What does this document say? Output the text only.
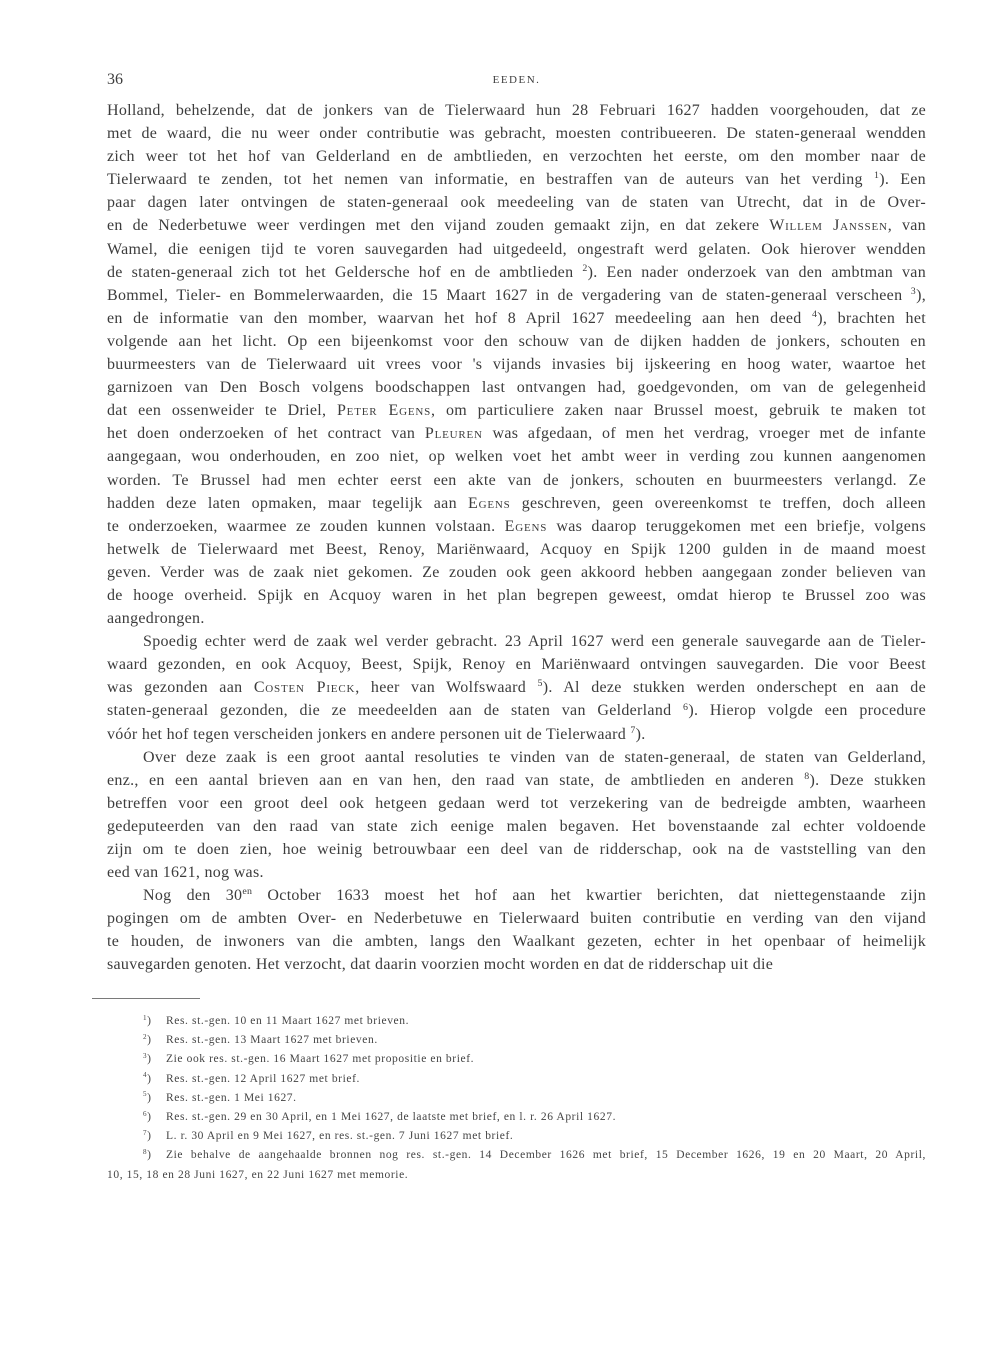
36	EEDEN.
Holland, behelzende, dat de jonkers van de Tielerwaard hun 28 Februari 1627 hadden voorgehouden, dat ze
met de waard, die nu weer onder contributie was gebracht, moesten contribueeren. De staten-generaal wendden
zich weer tot het hof van Gelderland en de ambtlieden, en verzochten het eerste, om den momber naar de
Tielerwaard te zenden, tot het nemen van informatie, en bestraffen van de auteurs van het verding $^1$). Een
paar dagen later ontvingen de staten-generaal ook meedeeling van de staten van Utrecht, dat in de Over-
en de Nederbetuwe weer verdingen met den vijand zouden gemaakt zijn, en dat zekere Willem Janssen, van
Wamel, die eenigen tijd te voren sauvegarden had uitgedeeld, ongestraft werd gelaten. Ook hierover wendden
de staten-generaal zich tot het Geldersche hof en de ambtlieden $^2$). Een nader onderzoek van den ambtman van
Bommel, Tieler- en Bommelerwaarden, die 15 Maart 1627 in de vergadering van de staten-generaal verscheen $^3$),
en de informatie van den momber, waarvan het hof 8 April 1627 meedeeling aan hen deed $^4$), brachten het
volgende aan het licht. Op een bijeenkomst voor den schouw van de dijken hadden de jonkers, schouten en
buurmeesters van de Tielerwaard uit vrees voor 's vijands invasies bij ijskeering en hoog water, waartoe het
garnizoen van Den Bosch volgens boodschappen last ontvangen had, goedgevonden, om van de gelegenheid
dat een ossenweider te Driel, Peter Egens, om particuliere zaken naar Brussel moest, gebruik te maken tot
het doen onderzoeken of het contract van Pleuren was afgedaan, of men het verdrag, vroeger met de infante
aangegaan, wou onderhouden, en zoo niet, op welken voet het ambt weer in verding zou kunnen aangenomen
worden. Te Brussel had men echter eerst een akte van de jonkers, schouten en buurmeesters verlangd. Ze
hadden deze laten opmaken, maar tegelijk aan Egens geschreven, geen overeenkomst te treffen, doch alleen
te onderzoeken, waarmee ze zouden kunnen volstaan. Egens was daarop teruggekomen met een briefje, volgens
hetwelk de Tielerwaard met Beest, Renoy, Mariënwaard, Acquoy en Spijk 1200 gulden in de maand moest
geven. Verder was de zaak niet gekomen. Ze zouden ook geen akkoord hebben aangegaan zonder believen van
de hooge overheid. Spijk en Acquoy waren in het plan begrepen geweest, omdat hierop te Brussel zoo was
aangedrongen.
Spoedig echter werd de zaak wel verder gebracht. 23 April 1627 werd een generale sauvegarde aan de Tieler-
waard gezonden, en ook Acquoy, Beest, Spijk, Renoy en Mariënwaard ontvingen sauvegarden. Die voor Beest
was gezonden aan Costen Pieck, heer van Wolfswaard $^5$). Al deze stukken werden onderschept en aan de
staten-generaal gezonden, die ze meedeelden aan de staten van Gelderland $^6$). Hierop volgde een procedure
vóór het hof tegen verscheiden jonkers en andere personen uit de Tielerwaard $^7$).
Over deze zaak is een groot aantal resoluties te vinden van de staten-generaal, de staten van Gelderland,
enz., en een aantal brieven aan en van hen, den raad van state, de ambtlieden en anderen $^8$). Deze stukken
betreffen voor een groot deel ook hetgeen gedaan werd tot verzekering van de bedreigde ambten, waarheen
gedeputeerden van den raad van state zich eenige malen begaven. Het bovenstaande zal echter voldoende
zijn om te doen zien, hoe weinig betrouwbaar een deel van de ridderschap, ook na de vaststelling van den
eed van 1621, nog was.
Nog den $30^{en}$ October 1633 moest het hof aan het kwartier berichten, dat niettegenstaande zijn
pogingen om de ambten Over- en Nederbetuwe en Tielerwaard buiten contributie en verding van den vijand
te houden, de inwoners van die ambten, langs den Waalkant gezeten, echter in het openbaar of heimelijk
sauvegarden genoten. Het verzocht, dat daarin voorzien mocht worden en dat de ridderschap uit die
$^1$) Res. st.-gen. 10 en 11 Maart 1627 met brieven.
$^2$) Res. st.-gen. 13 Maart 1627 met brieven.
$^3$) Zie ook res. st.-gen. 16 Maart 1627 met propositie en brief.
$^4$) Res. st.-gen. 12 April 1627 met brief.
$^5$) Res. st.-gen. 1 Mei 1627.
$^6$) Res. st.-gen. 29 en 30 April, en 1 Mei 1627, de laatste met brief, en l. r. 26 April 1627.
$^7$) L. r. 30 April en 9 Mei 1627, en res. st.-gen. 7 Juni 1627 met brief.
$^8$) Zie behalve de aangehaalde bronnen nog res. st.-gen. 14 December 1626 met brief, 15 December 1626, 19 en 20 Maart, 20 April,
10, 15, 18 en 28 Juni 1627, en 22 Juni 1627 met memorie.
